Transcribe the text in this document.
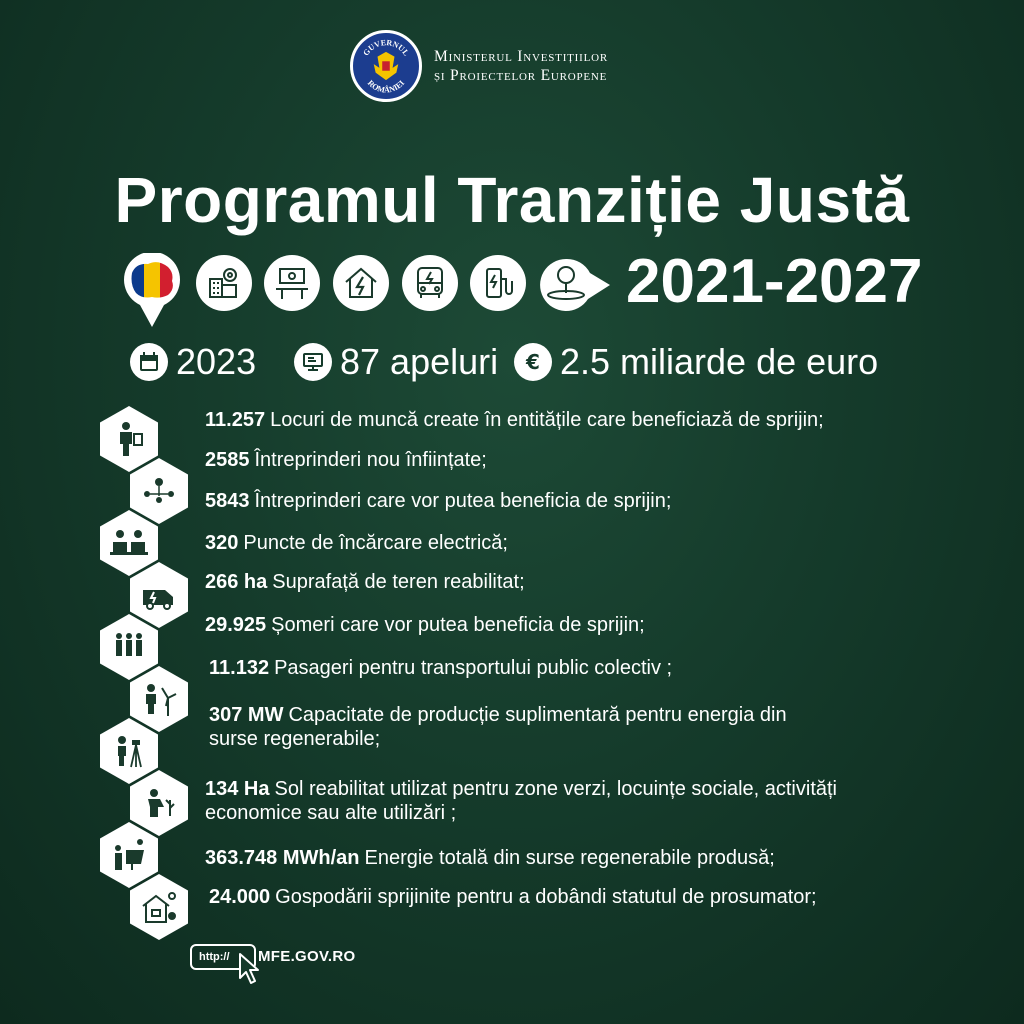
GUVERNUL
ROMÂNIEI
Ministerul Investițiilor
și Proiectelor Europene
Programul Tranziție Justă
2021-2027
2023 87 apeluri € 2.5 miliarde de euro
11.257 Locuri de muncă create în entitățile care beneficiază de sprijin;
2585 Întreprinderi nou înființate;
5843 Întreprinderi care vor putea beneficia de sprijin;
320 Puncte de încărcare electrică;
266 ha Suprafață de teren reabilitat;
29.925 Șomeri care vor putea beneficia de sprijin;
11.132 Pasageri pentru transportului public colectiv ;
307 MW Capacitate de producție suplimentară pentru energia din
surse regenerabile;
134 Ha Sol reabilitat utilizat pentru zone verzi, locuințe sociale, activități
economice sau alte utilizări ;
363.748 MWh/an Energie totală din surse regenerabile produsă;
24.000 Gospodării sprijinite pentru a dobândi statutul de prosumator;
http:// MFE.GOV.RO
